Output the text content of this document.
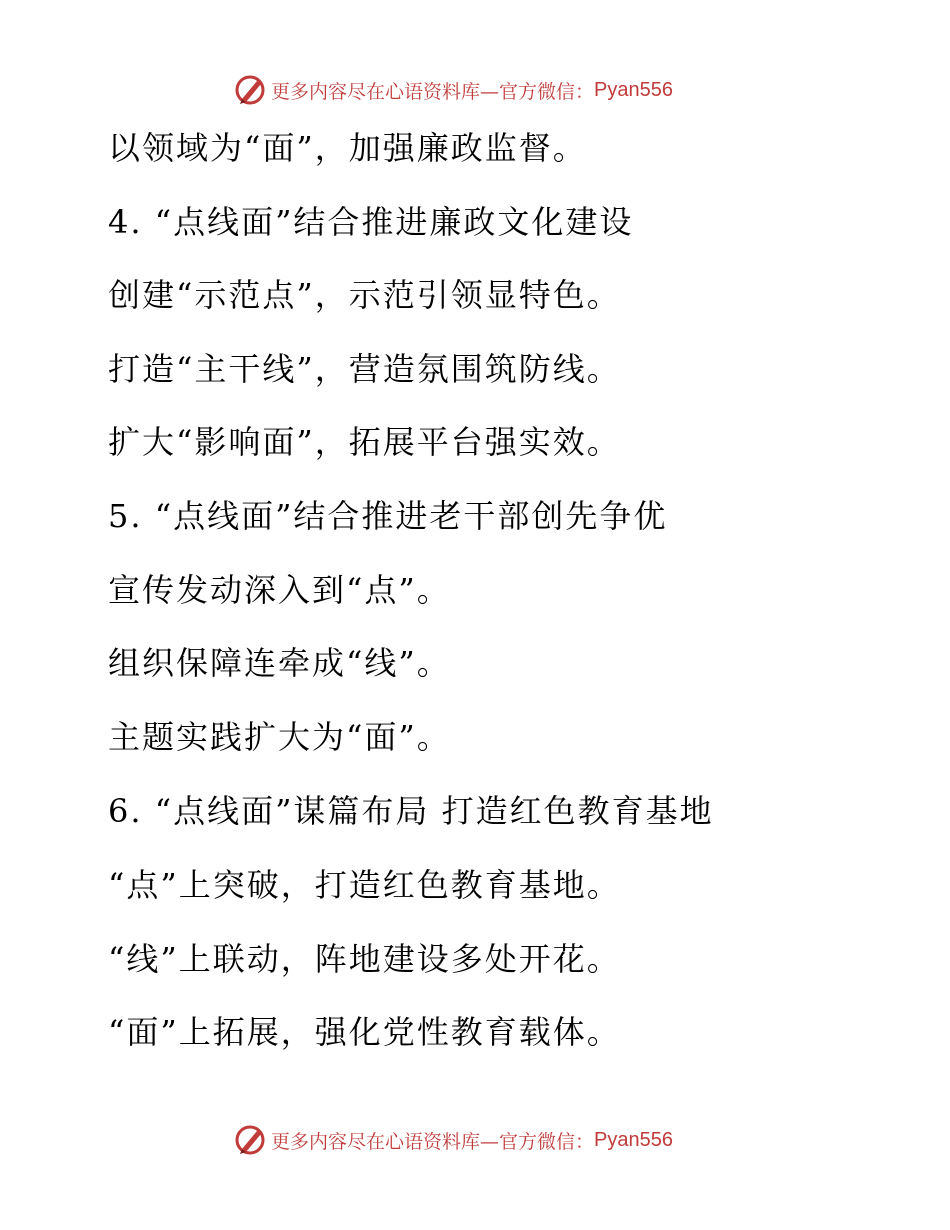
更多内容尽在心语资料库—官方微信： Pyan556
以领域为“面”，加强廉政监督。
4. “点线面”结合推进廉政文化建设
创建“示范点”，示范引领显特色。
打造“主干线”，营造氛围筑防线。
扩大“影响面”，拓展平台强实效。
5. “点线面”结合推进老干部创先争优
宣传发动深入到“点”。
组织保障连牵成“线”。
主题实践扩大为“面”。
6. “点线面”谋篇布局 打造红色教育基地
“点”上突破，打造红色教育基地。
“线”上联动，阵地建设多处开花。
“面”上拓展，强化党性教育载体。
更多内容尽在心语资料库—官方微信： Pyan556
